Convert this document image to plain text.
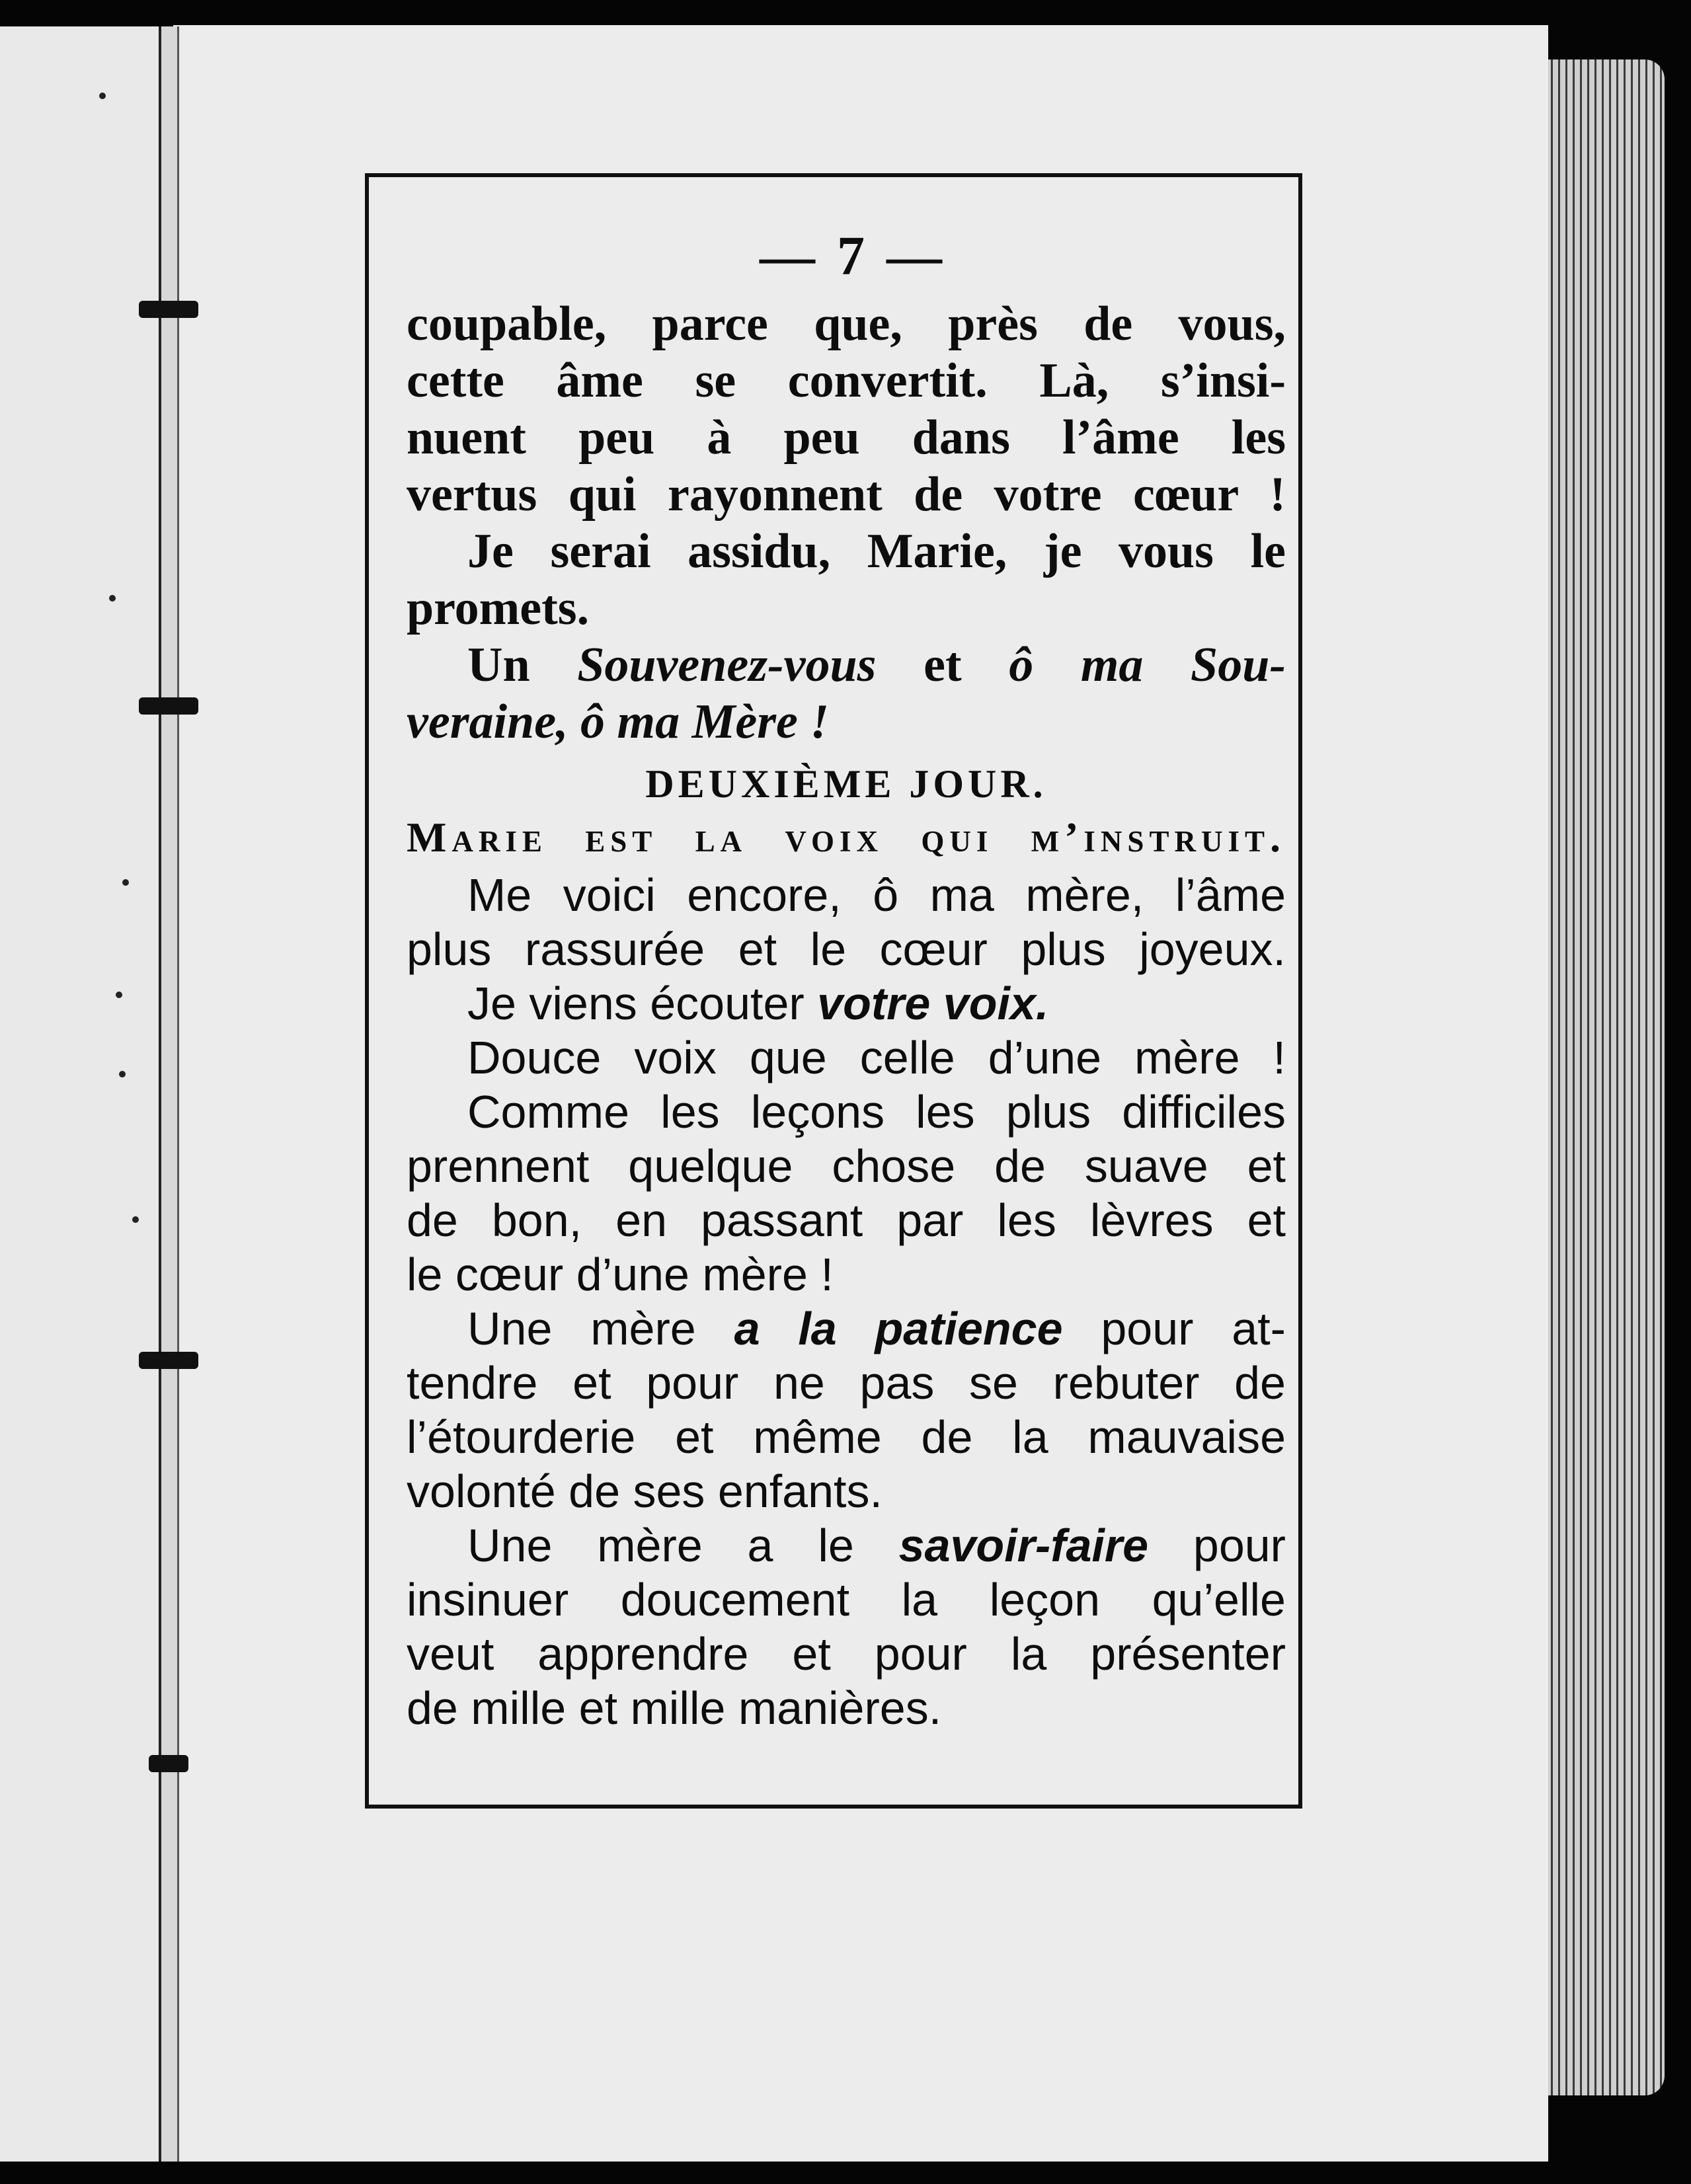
— 7 —

coupable, parce que, près de vous,

cette âme se convertit. Là, s’insi-

nuent peu à peu dans l’âme les

vertus qui rayonnent de votre cœur !

Je serai assidu, Marie, je vous le

promets.

Un Souvenez-vous et ô ma Sou-

veraine, ô ma Mère !

DEUXIÈME JOUR.

Marie est la voix qui m’instruit.

Me voici encore, ô ma mère, l’âme

plus rassurée et le cœur plus joyeux.

Je viens écouter votre voix.

Douce voix que celle d’une mère !

Comme les leçons les plus difficiles

prennent quelque chose de suave et

de bon, en passant par les lèvres et

le cœur d’une mère !

Une mère a la patience pour at-

tendre et pour ne pas se rebuter de

l’étourderie et même de la mauvaise

volonté de ses enfants.

Une mère a le savoir-faire pour

insinuer doucement la leçon qu’elle

veut apprendre et pour la présenter

de mille et mille manières.
